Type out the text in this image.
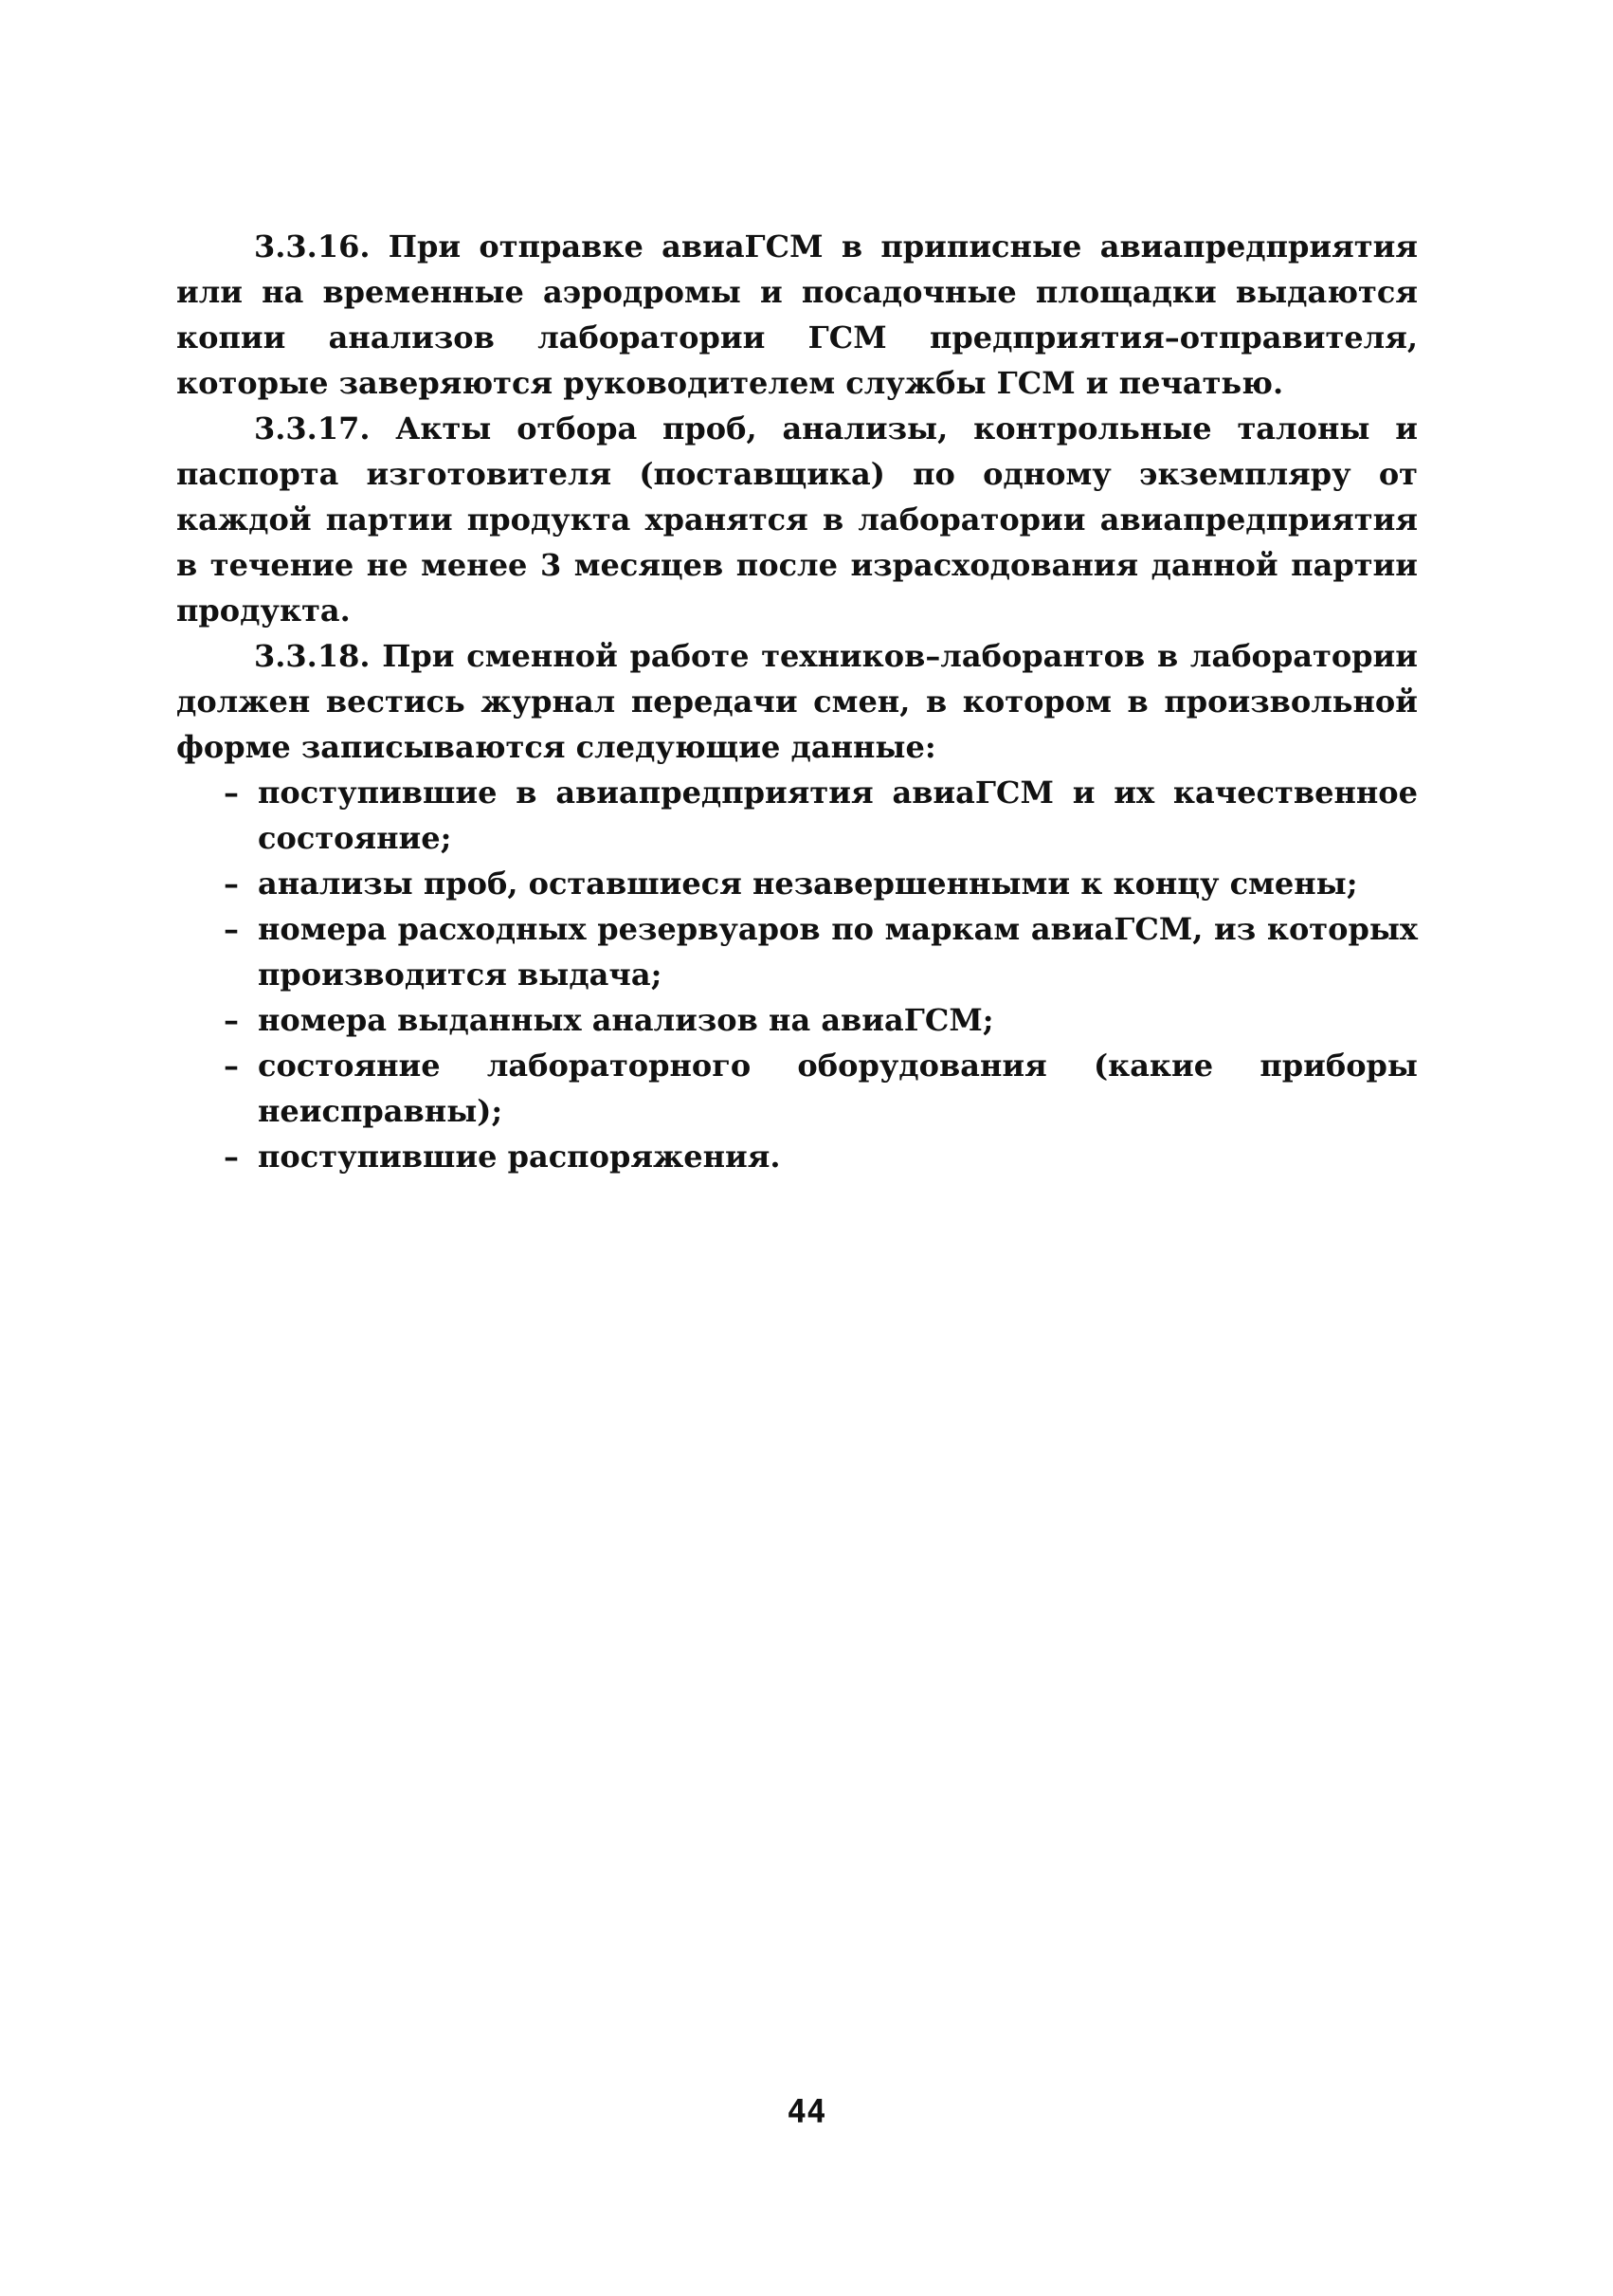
3.3.16. При отправке авиаГСМ в приписные авиапредприятия или на временные аэродромы и посадочные площадки выдаются копии анализов лаборатории ГСМ предприятия–отправителя, которые заверяются руководителем службы ГСМ и печатью.

3.3.17. Акты отбора проб, анализы, контрольные талоны и паспорта изготовителя (поставщика) по одному экземпляру от каждой партии продукта хранятся в лаборатории авиапредприятия в течение не менее 3 месяцев после израсходования данной партии продукта.

3.3.18. При сменной работе техников–лаборантов в лаборатории должен вестись журнал передачи смен, в котором в произвольной форме записываются следующие данные:

– поступившие в авиапредприятия авиаГСМ и их качественное состояние;
– анализы проб, оставшиеся незавершенными к концу смены;
– номера расходных резервуаров по маркам авиаГСМ, из которых производится выдача;
– номера выданных анализов на авиаГСМ;
– состояние лабораторного оборудования (какие приборы неисправны);
– поступившие распоряжения.
44
